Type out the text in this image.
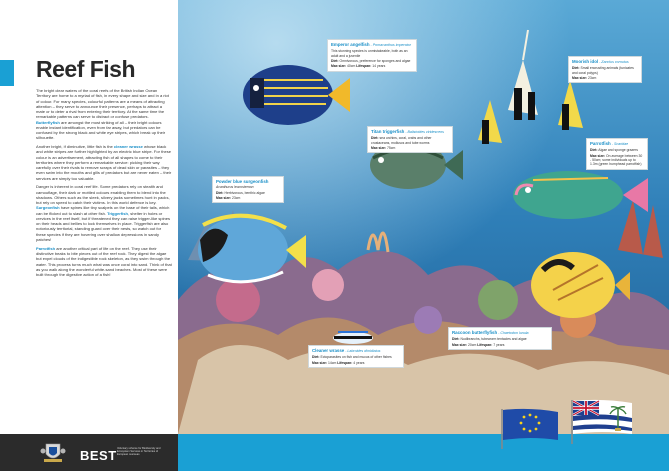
Reef Fish

The bright clear waters of the coral reefs of the British Indian Ocean Territory are home to a myriad of fish, in every shape and size and in a riot of colour. For many species, colourful patterns are a means of attracting attention – they serve to announce their presence, perhaps to attract a mate or to deter a rival from entering their territory. At the same time the remarkable patterns can serve to distract or confuse predators. Butterflyfish are amongst the most striking of all – their bright colours enable instant identification, even from far away, but predators can be confused by the strong black and white eye stripes, which break up their silhouette.

Another bright, if diminutive, little fish is the cleaner wrasse whose black and white stripes are further highlighted by an electric blue stripe. For these colour is an advertisement, attracting fish of all shapes to come to their territories where they perform a remarkable service: picking their way carefully over their rivals to remove scraps of dead skin or parasites – they even swim into the mouths and gills of predators but are never eaten – their services are simply too valuable.

Danger is inherent in coral reef life. Some predators rely on stealth and camouflage, their dark or mottled colours enabling them to blend into the shadows. Others such as the sleek, silvery jacks sometimes hunt in packs, but rely on speed to catch their victims. In this world defence is key. Surgeonfish have spines like tiny scalpels on the base of their tails, which can be flicked out to slash at other fish. Triggerfish, shelter in holes or crevices in the reef itself, but if threatened they can raise trigger-like spines on their heads and bellies to lock themselves in place. Triggerfish are also notoriously territorial, standing guard over their nests, so watch out for these species if they are hovering over shallow depressions in sandy patches!

Parrotfish are another critical part of life on the reef. They use their distinctive beaks to bite pieces out of the reef rock. They digest the algae but expel clouds of the indigestible rock skeleton, as they swim through the water. This process turns much what was once coral into sand. Think of that as you walk along the wonderful white-sand beaches. Most of these were built through the digestive action of a fish!

Emperor angelfish - Pomacanthus imperator
This stunning species is unmistakeable, both as an adult and a juvenile
Diet: Omnivorous, preference for sponges and algae
Max size: 40cm Lifespan: 14 years
Moorish idol - Zanclus cornutus
Diet: Small encrusting animals (tunicates and coral polyps)
Max size: 23cm
Titan triggerfish - Balistoides viridescens
Diet: sea urchins, coral, crabs and other crustaceans, molluscs and tube worms
Max size: 75cm
Parrotfish - Scaridae
Diet: Algae and sponge grazers
Max size: On average between 30 - 50cm; some individuals up to 1.3m (green humphead parrotfish)
Powder blue surgeonfish
Acanthurus leucosternon
Diet: Herbivorous, benthic algae
Max size: 23cm
Cleaner wrasse - Labroides dimidiatus
Diet: Ectoparasites on fish and mucus of other fishes
Max size: 14cm Lifespan: 4 years
Raccoon butterflyfish - Chaetodon lunula
Diet: Nudibranchs, tubeworm tentacles and algae
Max size: 20cm Lifespan: 7 years
BEST Voluntary scheme for Biodiversity and Ecosystem Services in Territories of European overseas
